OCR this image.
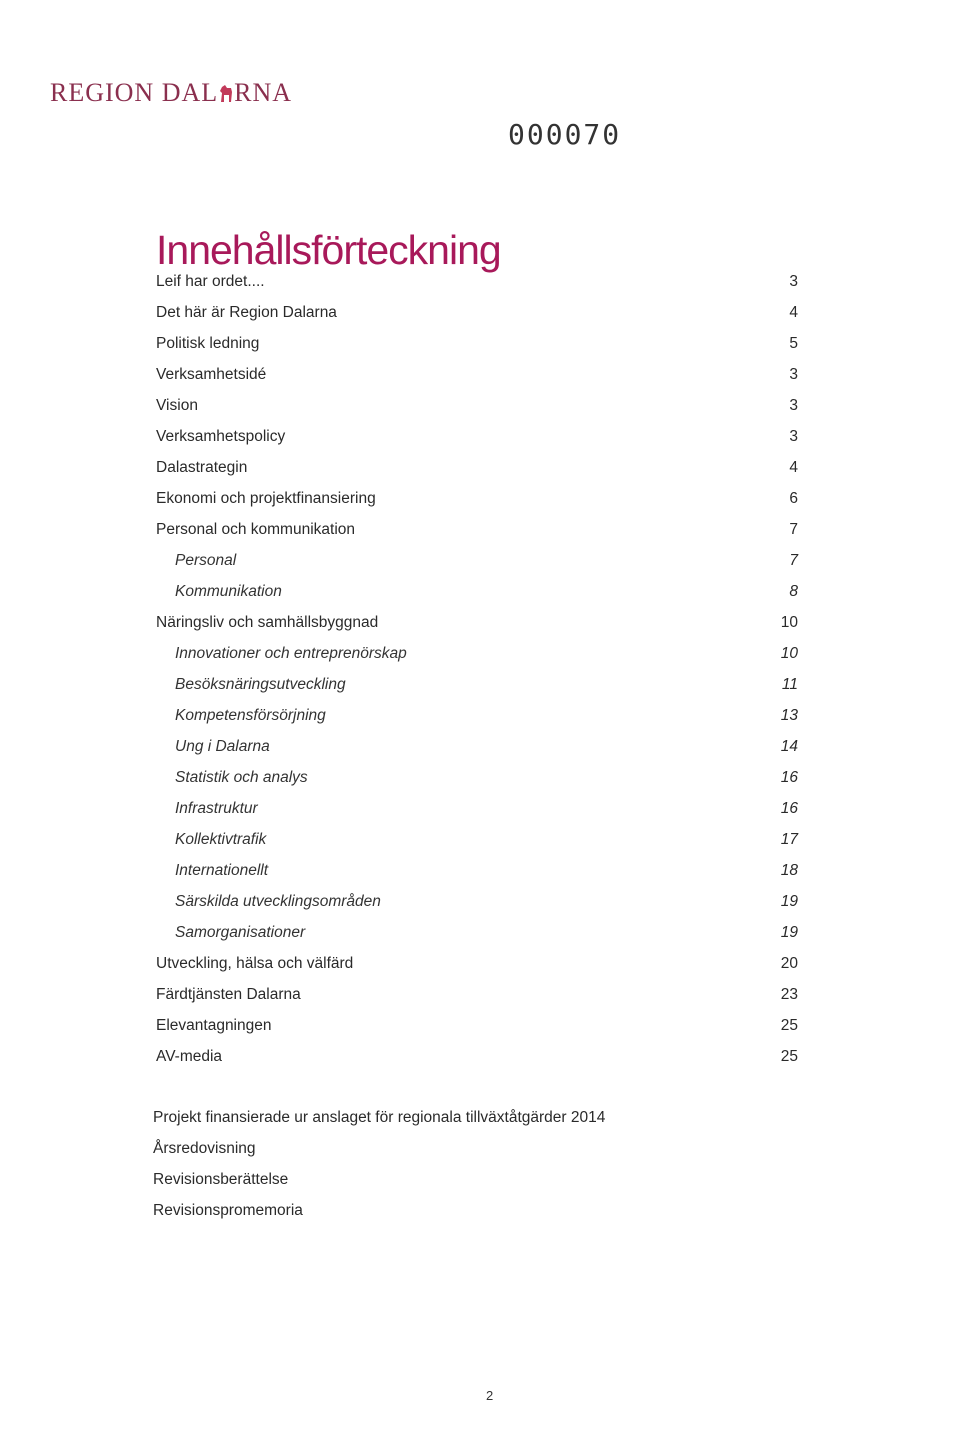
REGION DAL RNA
000070
Innehållsförteckning
Leif har ordet....	3
Det här är Region Dalarna	4
Politisk ledning	5
Verksamhetsidé	3
Vision	3
Verksamhetspolicy	3
Dalastrategin	4
Ekonomi och projektfinansiering	6
Personal och kommunikation	7
Personal	7
Kommunikation	8
Näringsliv och samhällsbyggnad	10
Innovationer och entreprenörskap	10
Besöksnäringsutveckling	11
Kompetensförsörjning	13
Ung i Dalarna	14
Statistik och analys	16
Infrastruktur	16
Kollektivtrafik	17
Internationellt	18
Särskilda utvecklingsområden	19
Samorganisationer	19
Utveckling, hälsa och välfärd	20
Färdtjänsten Dalarna	23
Elevantagningen	25
AV-media	25
Projekt finansierade ur anslaget för regionala tillväxtåtgärder 2014
Årsredovisning
Revisionsberättelse
Revisionspromemoria
2
